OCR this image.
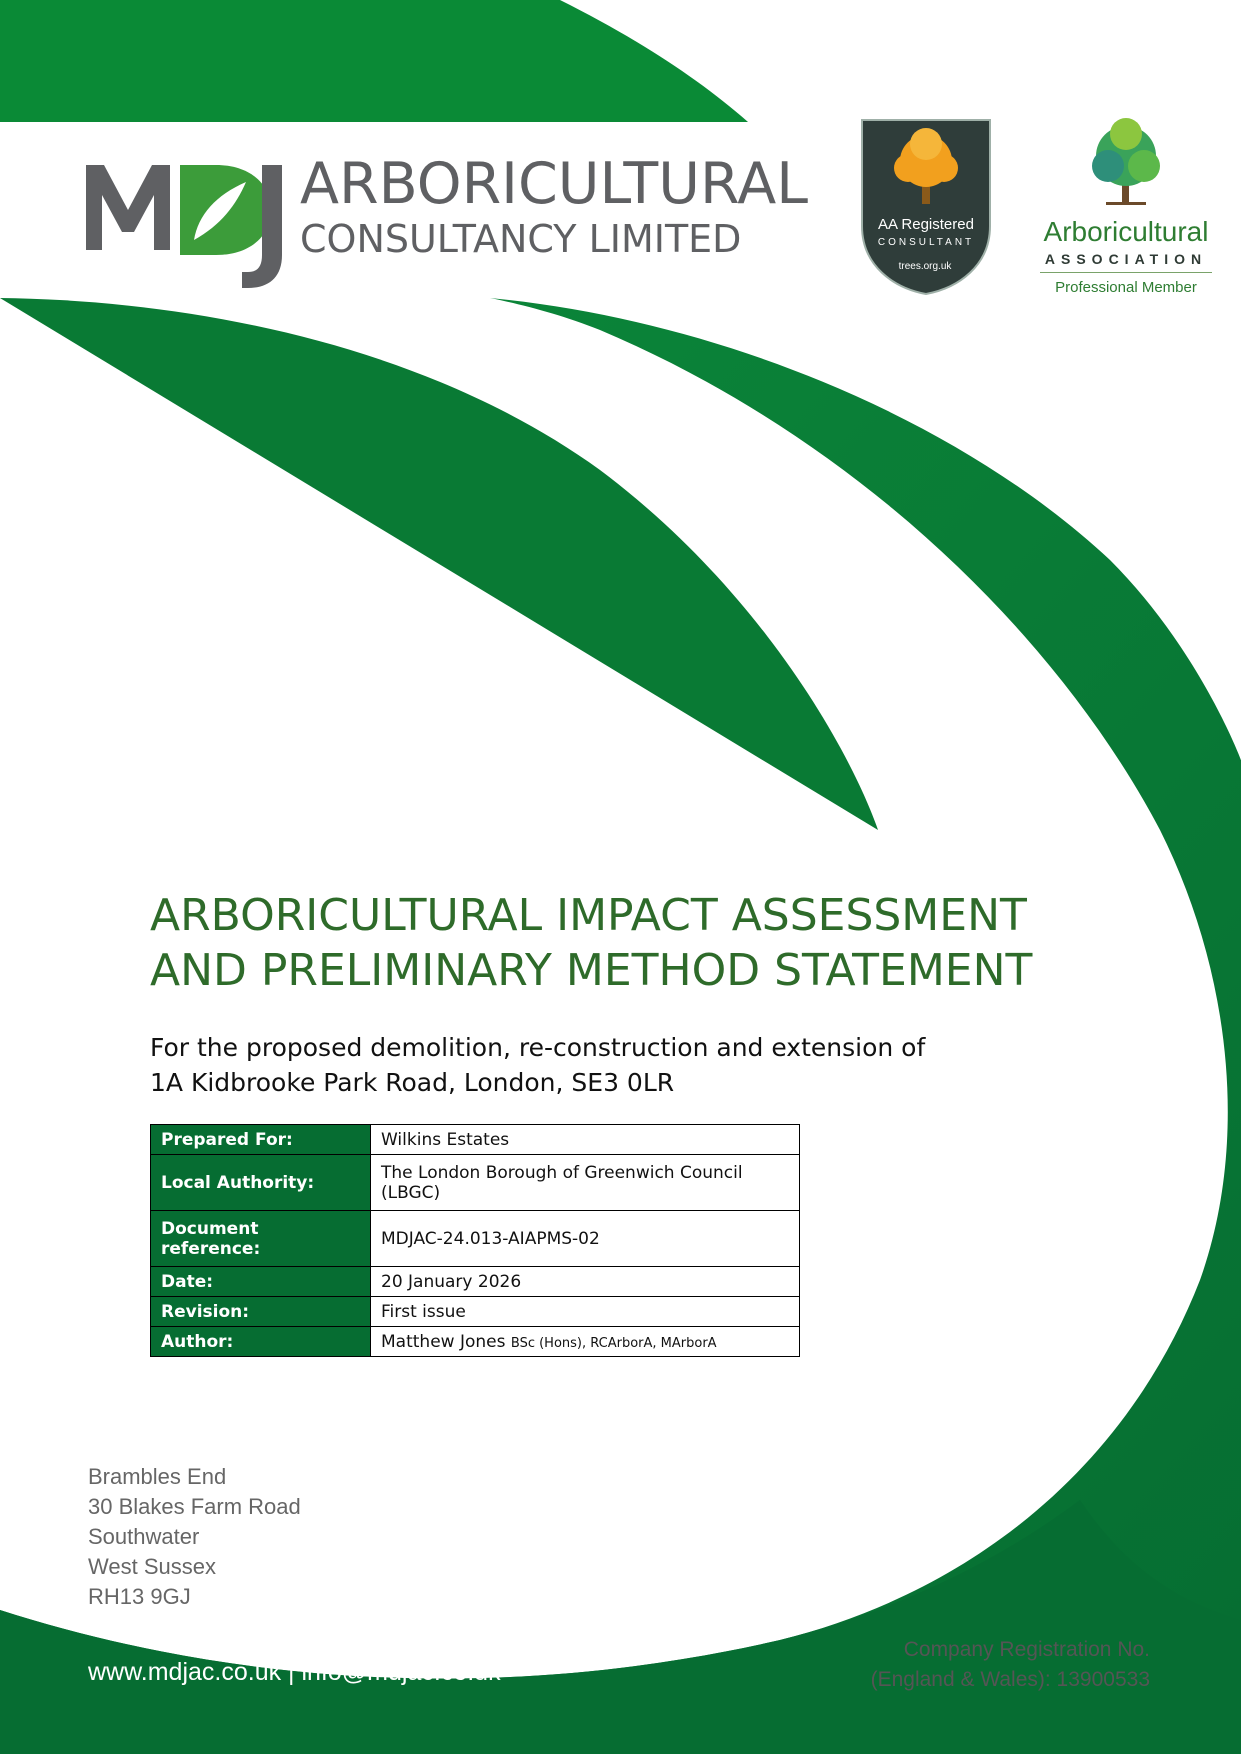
ARBORICULTURAL
CONSULTANCY LIMITED	AA Registered
CONSULTANT
trees.org.uk
Arboricultural
ASSOCIATION
Professional Member
ARBORICULTURAL IMPACT ASSESSMENT
AND PRELIMINARY METHOD STATEMENT
For the proposed demolition, re-construction and extension of
1A Kidbrooke Park Road, London, SE3 0LR
Prepared For:	Wilkins Estates
Local Authority:	The London Borough of Greenwich Council
(LBGC)

Document
reference:	MDJAC-24.013-AIAPMS-02
Date:	20 January 2026
Revision:	First issue
Author:	Matthew Jones BSc (Hons), RCArborA, MArborA
Brambles End
30 Blakes Farm Road
Southwater
West Sussex
RH13 9GJ
www.mdjac.co.uk | info@mdjac.co.uk
Company Registration No.
(England & Wales): 13900533
